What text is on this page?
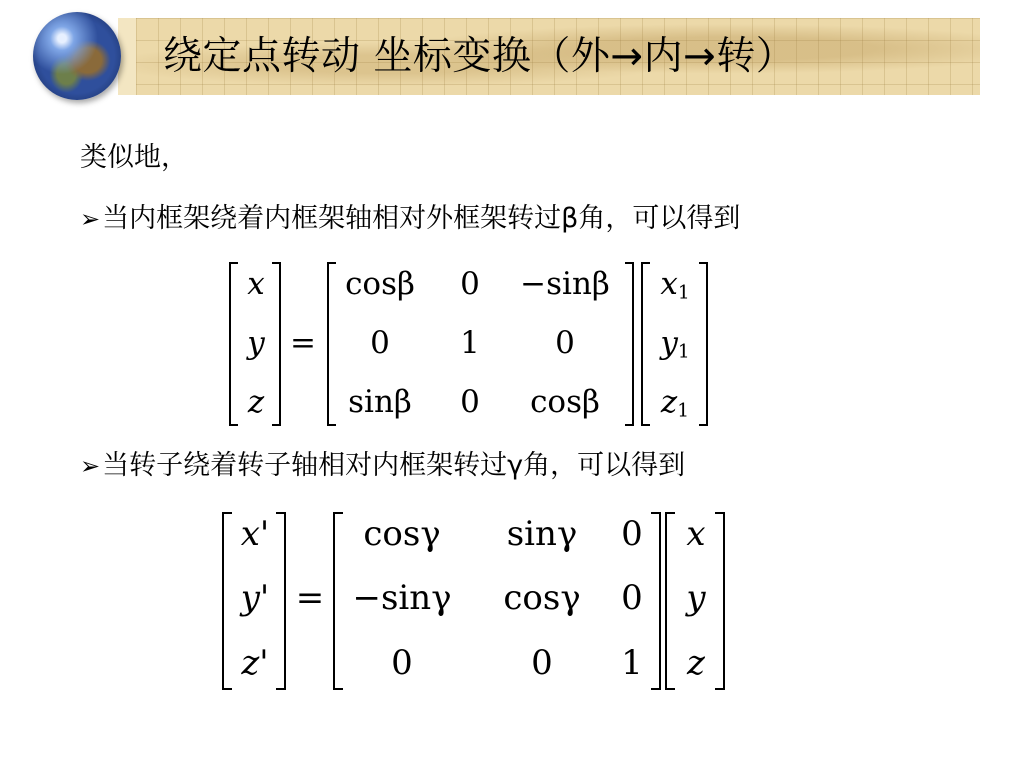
绕定点转动 坐标变换（外→内→转）
类似地，
➢当内框架绕着内框架轴相对外框架转过β角，可以得到
x
y
z
=
cosβ	0	−sinβ
0	1	0
sinβ	0	cosβ
$x_1$
$y_1$
$z_1$
➢当转子绕着转子轴相对内框架转过γ角，可以得到
x'
y'
z'
=
cosγ	sinγ	0
−sinγ	cosγ	0
0	0	1
x
y
z
